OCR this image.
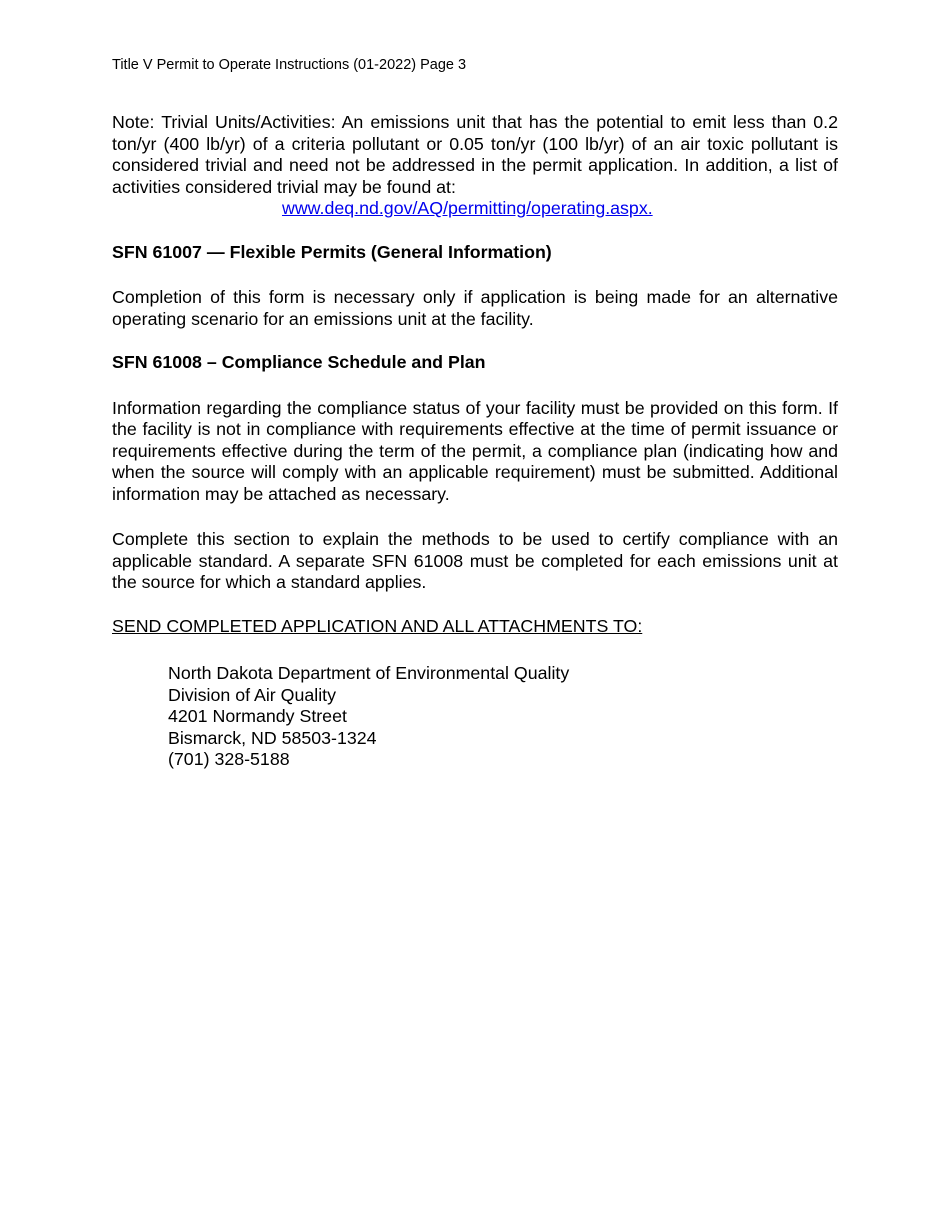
Title V Permit to Operate Instructions (01-2022) Page 3

Note: Trivial Units/Activities: An emissions unit that has the potential to emit less than 0.2 ton/yr (400 lb/yr) of a criteria pollutant or 0.05 ton/yr (100 lb/yr) of an air toxic pollutant is considered trivial and need not be addressed in the permit application. In addition, a list of activities considered trivial may be found at:

www.deq.nd.gov/AQ/permitting/operating.aspx.

SFN 61007 — Flexible Permits (General Information)

Completion of this form is necessary only if application is being made for an alternative operating scenario for an emissions unit at the facility.

SFN 61008 – Compliance Schedule and Plan

Information regarding the compliance status of your facility must be provided on this form. If the facility is not in compliance with requirements effective at the time of permit issuance or requirements effective during the term of the permit, a compliance plan (indicating how and when the source will comply with an applicable requirement) must be submitted. Additional information may be attached as necessary.

Complete this section to explain the methods to be used to certify compliance with an applicable standard. A separate SFN 61008 must be completed for each emissions unit at the source for which a standard applies.

SEND COMPLETED APPLICATION AND ALL ATTACHMENTS TO:

North Dakota Department of Environmental Quality
Division of Air Quality
4201 Normandy Street
Bismarck, ND 58503-1324
(701) 328-5188
